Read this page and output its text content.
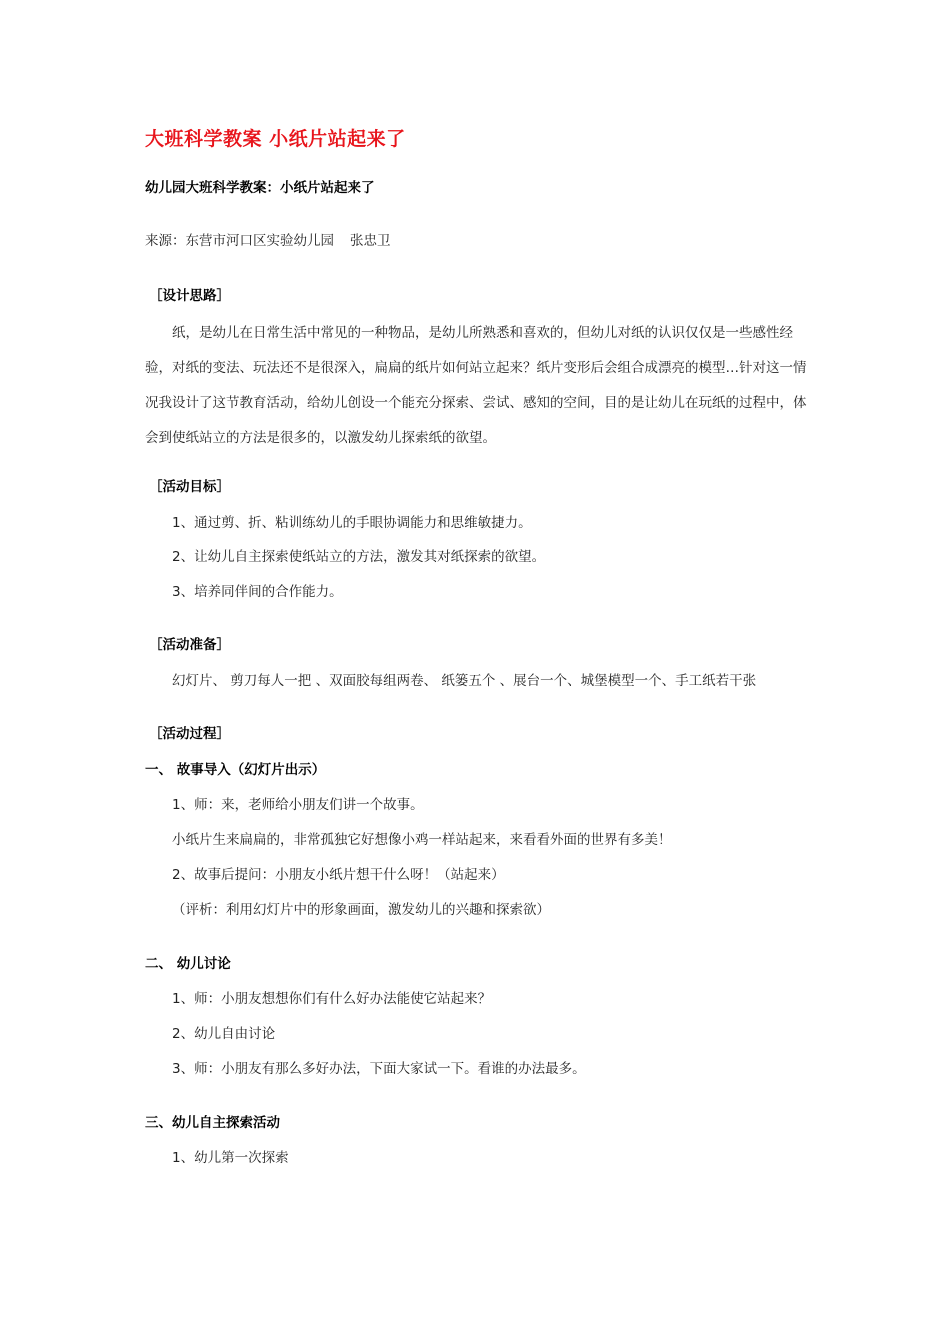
大班科学教案 小纸片站起来了
幼儿园大班科学教案：小纸片站起来了
来源：东营市河口区实验幼儿园 张忠卫
［设计思路］

纸，是幼儿在日常生活中常见的一种物品，是幼儿所熟悉和喜欢的，但幼儿对纸的认识仅仅是一些感性经验，对纸的变法、玩法还不是很深入，扁扁的纸片如何站立起来？纸片变形后会组合成漂亮的模型…针对这一情况我设计了这节教育活动，给幼儿创设一个能充分探索、尝试、感知的空间，目的是让幼儿在玩纸的过程中，体会到使纸站立的方法是很多的，以激发幼儿探索纸的欲望。

［活动目标］
1、通过剪、折、粘训练幼儿的手眼协调能力和思维敏捷力。
2、让幼儿自主探索使纸站立的方法，激发其对纸探索的欲望。
3、培养同伴间的合作能力。
［活动准备］
幻灯片、 剪刀每人一把 、双面胶每组两卷、 纸篓五个 、展台一个、城堡模型一个、手工纸若干张
［活动过程］
一、 故事导入（幻灯片出示）
1、师：来，老师给小朋友们讲一个故事。
小纸片生来扁扁的，非常孤独它好想像小鸡一样站起来，来看看外面的世界有多美！
2、故事后提问：小朋友小纸片想干什么呀！（站起来）
（评析：利用幻灯片中的形象画面，激发幼儿的兴趣和探索欲）
二、 幼儿讨论
1、师：小朋友想想你们有什么好办法能使它站起来？
2、幼儿自由讨论
3、师：小朋友有那么多好办法，下面大家试一下。看谁的办法最多。
三、幼儿自主探索活动
1、幼儿第一次探索
